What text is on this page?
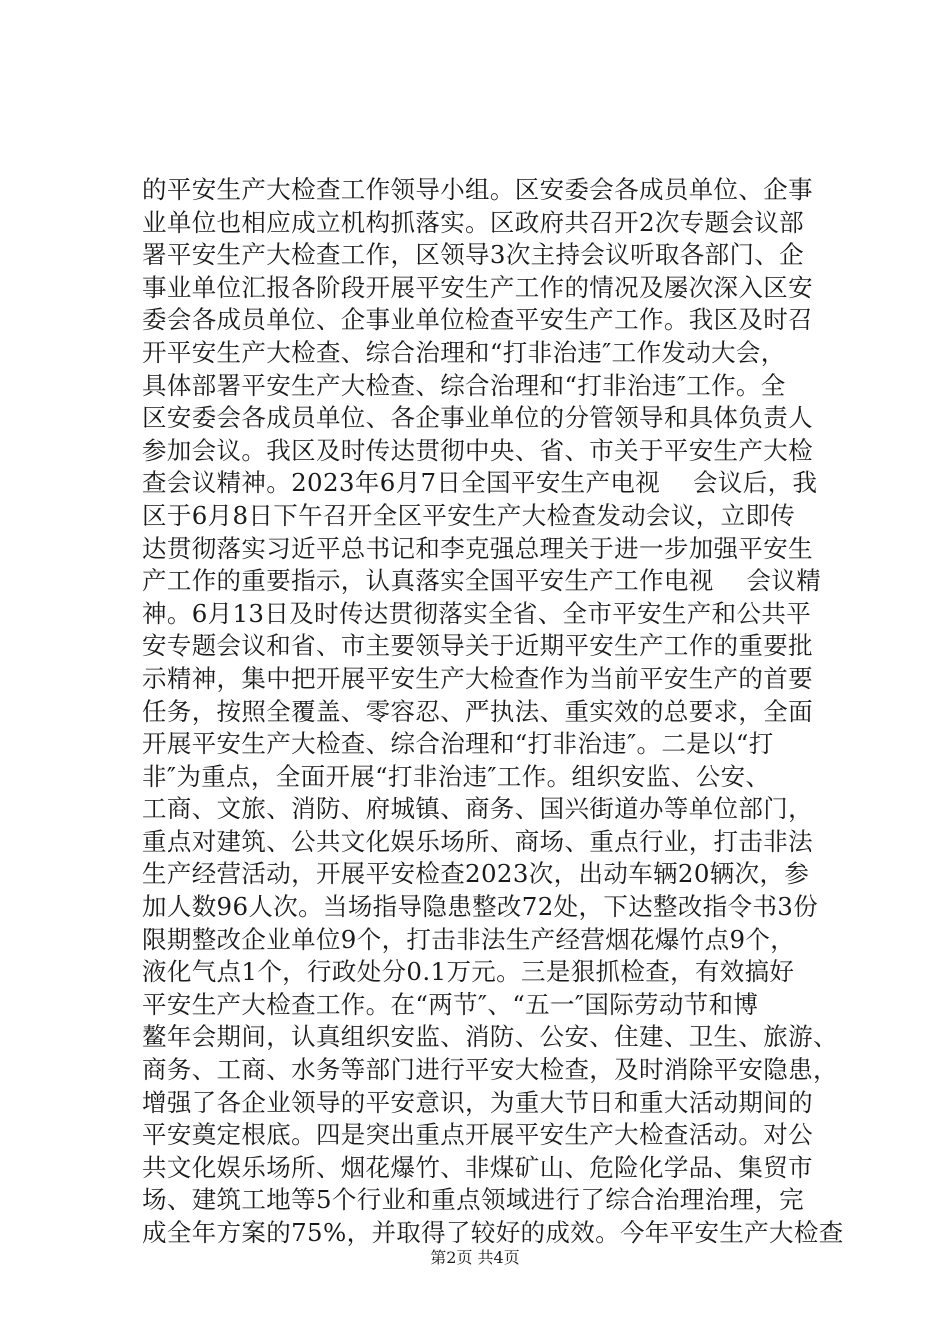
的平安生产大检查工作领导小组。区安委会各成员单位、企事
业单位也相应成立机构抓落实。区政府共召开2次专题会议部
署平安生产大检查工作，区领导3次主持会议听取各部门、企
事业单位汇报各阶段开展平安生产工作的情况及屡次深入区安
委会各成员单位、企事业单位检查平安生产工作。我区及时召
开平安生产大检查、综合治理和“打非治违″工作发动大会，
具体部署平安生产大检查、综合治理和“打非治违″工作。全
区安委会各成员单位、各企事业单位的分管领导和具体负责人
参加会议。我区及时传达贯彻中央、省、市关于平安生产大检
查会议精神。2023年6月7日全国平安生产电视　 会议后，我
区于6月8日下午召开全区平安生产大检查发动会议，立即传
达贯彻落实习近平总书记和李克强总理关于进一步加强平安生
产工作的重要指示，认真落实全国平安生产工作电视　 会议精
神。6月13日及时传达贯彻落实全省、全市平安生产和公共平
安专题会议和省、市主要领导关于近期平安生产工作的重要批
示精神，集中把开展平安生产大检查作为当前平安生产的首要
任务，按照全覆盖、零容忍、严执法、重实效的总要求，全面
开展平安生产大检查、综合治理和“打非治违″。二是以“打
非″为重点，全面开展“打非治违″工作。组织安监、公安、
工商、文旅、消防、府城镇、商务、国兴街道办等单位部门，
重点对建筑、公共文化娱乐场所、商场、重点行业，打击非法
生产经营活动，开展平安检查2023次，出动车辆20辆次，参
加人数96人次。当场指导隐患整改72处，下达整改指令书3份
限期整改企业单位9个，打击非法生产经营烟花爆竹点9个，
液化气点1个，行政处分0.1万元。三是狠抓检查，有效搞好
平安生产大检查工作。在“两节″、“五一″国际劳动节和博
鳌年会期间，认真组织安监、消防、公安、住建、卫生、旅游、
商务、工商、水务等部门进行平安大检查，及时消除平安隐患，
增强了各企业领导的平安意识，为重大节日和重大活动期间的
平安奠定根底。四是突出重点开展平安生产大检查活动。对公
共文化娱乐场所、烟花爆竹、非煤矿山、危险化学品、集贸市
场、建筑工地等5个行业和重点领域进行了综合治理治理，完
成全年方案的75%，并取得了较好的成效。今年平安生产大检查
第2页 共4页
